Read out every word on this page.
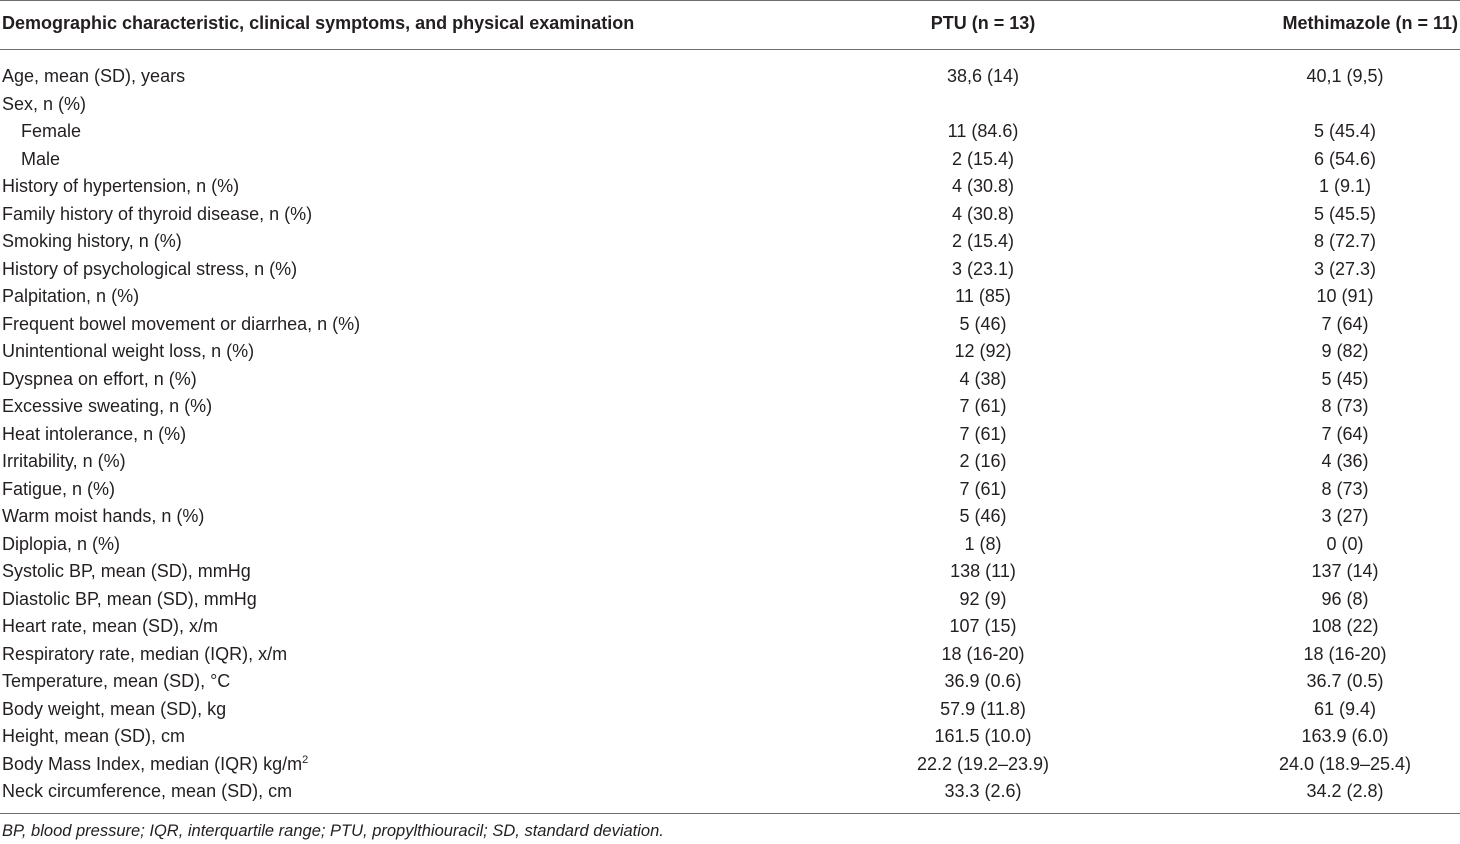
Demographic characteristic, clinical symptoms, and physical examination	PTU (n = 13)	Methimazole (n = 11)
Age, mean (SD), years	38,6 (14)	40,1 (9,5)
Sex, n (%)
Female	11 (84.6)	5 (45.4)
Male	2 (15.4)	6 (54.6)
History of hypertension, n (%)	4 (30.8)	1 (9.1)
Family history of thyroid disease, n (%)	4 (30.8)	5 (45.5)
Smoking history, n (%)	2 (15.4)	8 (72.7)
History of psychological stress, n (%)	3 (23.1)	3 (27.3)
Palpitation, n (%)	11 (85)	10 (91)
Frequent bowel movement or diarrhea, n (%)	5 (46)	7 (64)
Unintentional weight loss, n (%)	12 (92)	9 (82)
Dyspnea on effort, n (%)	4 (38)	5 (45)
Excessive sweating, n (%)	7 (61)	8 (73)
Heat intolerance, n (%)	7 (61)	7 (64)
Irritability, n (%)	2 (16)	4 (36)
Fatigue, n (%)	7 (61)	8 (73)
Warm moist hands, n (%)	5 (46)	3 (27)
Diplopia, n (%)	1 (8)	0 (0)
Systolic BP, mean (SD), mmHg	138 (11)	137 (14)
Diastolic BP, mean (SD), mmHg	92 (9)	96 (8)
Heart rate, mean (SD), x/m	107 (15)	108 (22)
Respiratory rate, median (IQR), x/m	18 (16-20)	18 (16-20)
Temperature, mean (SD), °C	36.9 (0.6)	36.7 (0.5)
Body weight, mean (SD), kg	57.9 (11.8)	61 (9.4)
Height, mean (SD), cm	161.5 (10.0)	163.9 (6.0)
Body Mass Index, median (IQR) $kg/m^2$	22.2 (19.2–23.9)	24.0 (18.9–25.4)
Neck circumference, mean (SD), cm	33.3 (2.6)	34.2 (2.8)
BP, blood pressure; IQR, interquartile range; PTU, propylthiouracil; SD, standard deviation.
